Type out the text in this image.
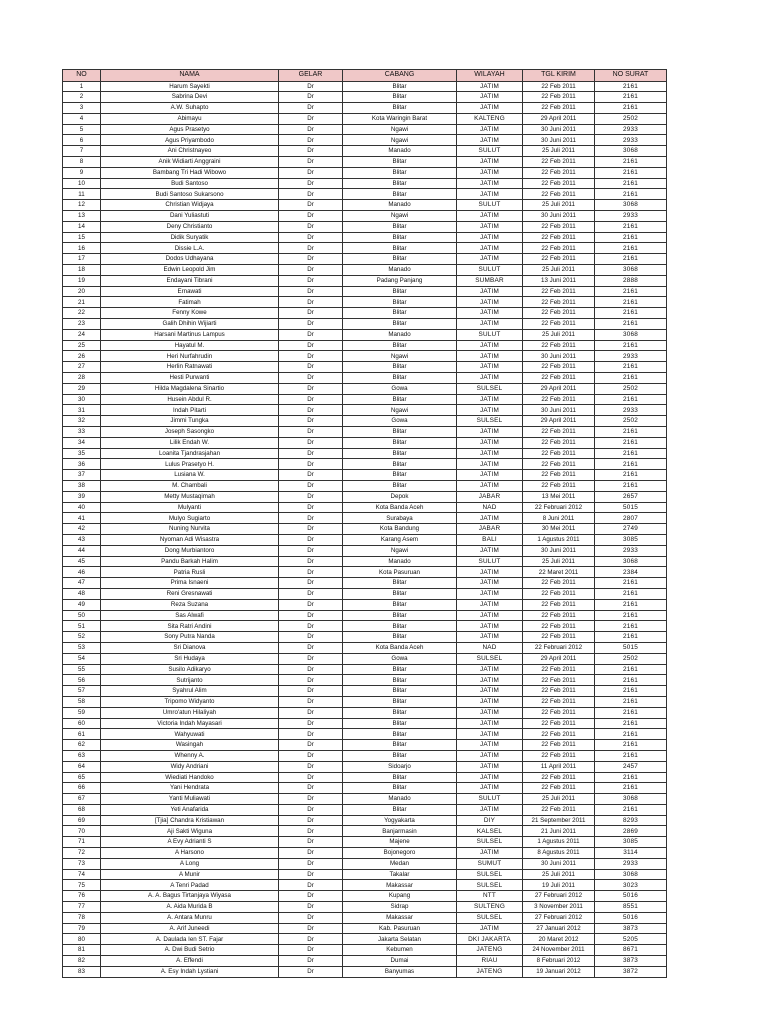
NO	NAMA	GELAR	CABANG	WILAYAH	TGL KIRIM	NO SURAT
1	Harum Sayekti	Dr	Blitar	JATIM	22 Feb 2011	2161
2	Sabrina Devi	Dr	Blitar	JATIM	22 Feb 2011	2161
3	A.W. Suhapto	Dr	Blitar	JATIM	22 Feb 2011	2161
4	Abimayu	Dr	Kota Waringin Barat	KALTENG	29 April 2011	2502
5	Agus Prasetyo	Dr	Ngawi	JATIM	30 Juni 2011	2933
6	Agus Priyambodo	Dr	Ngawi	JATIM	30 Juni 2011	2933
7	Ani Christnayeo	Dr	Manado	SULUT	25 Juli 2011	3068
8	Anik Widiarti Anggraini	Dr	Blitar	JATIM	22 Feb 2011	2161
9	Bambang Tri Hadi Wibowo	Dr	Blitar	JATIM	22 Feb 2011	2161
10	Budi Santoso	Dr	Blitar	JATIM	22 Feb 2011	2161
11	Budi Santoso Sukarsono	Dr	Blitar	JATIM	22 Feb 2011	2161
12	Christian Widjaya	Dr	Manado	SULUT	25 Juli 2011	3068
13	Dani Yuliastuti	Dr	Ngawi	JATIM	30 Juni 2011	2933
14	Deny Christianto	Dr	Blitar	JATIM	22 Feb 2011	2161
15	Didik Suryatik	Dr	Blitar	JATIM	22 Feb 2011	2161
16	Dissie L.A.	Dr	Blitar	JATIM	22 Feb 2011	2161
17	Dodos Udhayana	Dr	Blitar	JATIM	22 Feb 2011	2161
18	Edwin Leopold Jim	Dr	Manado	SULUT	25 Juli 2011	3068
19	Endayani Tibrani	Dr	Padang Panjang	SUMBAR	13 Juni 2011	2888
20	Ernawati	Dr	Blitar	JATIM	22 Feb 2011	2161
21	Fatimah	Dr	Blitar	JATIM	22 Feb 2011	2161
22	Fenny Kowe	Dr	Blitar	JATIM	22 Feb 2011	2161
23	Galih Dhihin Wijiarti	Dr	Blitar	JATIM	22 Feb 2011	2161
24	Harsani Martinus Lampus	Dr	Manado	SULUT	25 Juli 2011	3068
25	Hayatul M.	Dr	Blitar	JATIM	22 Feb 2011	2161
26	Heri Nurfahrudin	Dr	Ngawi	JATIM	30 Juni 2011	2933
27	Herlin Ratnawati	Dr	Blitar	JATIM	22 Feb 2011	2161
28	Hesti Purwanti	Dr	Blitar	JATIM	22 Feb 2011	2161
29	Hilda Magdalena Sinartio	Dr	Gowa	SULSEL	29 April 2011	2502
30	Husein Abdul R.	Dr	Blitar	JATIM	22 Feb 2011	2161
31	Indah Pitarti	Dr	Ngawi	JATIM	30 Juni 2011	2933
32	Jimmi Tungka	Dr	Gowa	SULSEL	29 April 2011	2502
33	Joseph Sasongko	Dr	Blitar	JATIM	22 Feb 2011	2161
34	Lilik Endah W.	Dr	Blitar	JATIM	22 Feb 2011	2161
35	Loanita Tjandrasjahan	Dr	Blitar	JATIM	22 Feb 2011	2161
36	Lulus Prasetyo H.	Dr	Blitar	JATIM	22 Feb 2011	2161
37	Lusiana W.	Dr	Blitar	JATIM	22 Feb 2011	2161
38	M. Chambali	Dr	Blitar	JATIM	22 Feb 2011	2161
39	Metty Mustaqimah	Dr	Depok	JABAR	13 Mei 2011	2657
40	Mulyanti	Dr	Kota Banda Aceh	NAD	22 Februari 2012	5015
41	Mulyo Sugiarto	Dr	Surabaya	JATIM	8 Juni 2011	2807
42	Nuning Nurvita	Dr	Kota Bandung	JABAR	30 Mei 2011	2749
43	Nyoman Adi Wisastra	Dr	Karang Asem	BALI	1 Agustus 2011	3085
44	Dong Murbiantoro	Dr	Ngawi	JATIM	30 Juni 2011	2933
45	Pandu Barkah Halim	Dr	Manado	SULUT	25 Juli 2011	3068
46	Patria Rusli	Dr	Kota Pasuruan	JATIM	22 Maret 2011	2384
47	Prima Isnaeni	Dr	Blitar	JATIM	22 Feb 2011	2161
48	Reni Gresnawati	Dr	Blitar	JATIM	22 Feb 2011	2161
49	Reza Suzana	Dr	Blitar	JATIM	22 Feb 2011	2161
50	Sas Alwafi	Dr	Blitar	JATIM	22 Feb 2011	2161
51	Sita Ratri Andini	Dr	Blitar	JATIM	22 Feb 2011	2161
52	Sony Putra Nanda	Dr	Blitar	JATIM	22 Feb 2011	2161
53	Sri Dianova	Dr	Kota Banda Aceh	NAD	22 Februari 2012	5015
54	Sri Hudaya	Dr	Gowa	SULSEL	29 April 2011	2502
55	Susilo Adikaryo	Dr	Blitar	JATIM	22 Feb 2011	2161
56	Sutrijanto	Dr	Blitar	JATIM	22 Feb 2011	2161
57	Syahrul Alim	Dr	Blitar	JATIM	22 Feb 2011	2161
58	Tripomo Widyanto	Dr	Blitar	JATIM	22 Feb 2011	2161
59	Umro'atun Hilaliyah	Dr	Blitar	JATIM	22 Feb 2011	2161
60	Victoria Indah Mayasari	Dr	Blitar	JATIM	22 Feb 2011	2161
61	Wahyuwati	Dr	Blitar	JATIM	22 Feb 2011	2161
62	Wasingah	Dr	Blitar	JATIM	22 Feb 2011	2161
63	Whenny A.	Dr	Blitar	JATIM	22 Feb 2011	2161
64	Widy Andriani	Dr	Sidoarjo	JATIM	11 April 2011	2457
65	Wiediati Handoko	Dr	Blitar	JATIM	22 Feb 2011	2161
66	Yani Hendrata	Dr	Blitar	JATIM	22 Feb 2011	2161
67	Yanti Muliawati	Dr	Manado	SULUT	25 Juli 2011	3068
68	Yeti Anafarida	Dr	Blitar	JATIM	22 Feb 2011	2161
69	[Tjia] Chandra Kristiawan	Dr	Yogyakarta	DIY	21 September 2011	8293
70	Aji Sakti Wiguna	Dr	Banjarmasin	KALSEL	21 Juni 2011	2869
71	A Evy Adrianti S	Dr	Majene	SULSEL	1 Agustus 2011	3085
72	A Harsono	Dr	Bojonegoro	JATIM	8 Agustus 2011	3114
73	A Long	Dr	Medan	SUMUT	30 Juni 2011	2933
74	A Munir	Dr	Takalar	SULSEL	25 Juli 2011	3068
75	A Tenri Padad	Dr	Makassar	SULSEL	19 Juli 2011	3023
76	A. A. Bagus Tirtanjaya Wiyasa	Dr	Kupang	NTT	27 Februari 2012	5016
77	A. Aida Murida B	Dr	Sidrap	SULTENG	3 November 2011	8551
78	A. Antara Munru	Dr	Makassar	SULSEL	27 Februari 2012	5016
79	A. Arif Juneedi	Dr	Kab. Pasuruan	JATIM	27 Januari 2012	3873
80	A. Daulada Ien ST. Fajar	Dr	Jakarta Selatan	DKI JAKARTA	20 Maret 2012	5205
81	A. Dwi Budi Setrio	Dr	Kebumen	JATENG	24 November 2011	8671
82	A. Effendi	Dr	Dumai	RIAU	8 Februari 2012	3873
83	A. Esy Indah Lystiani	Dr	Banyumas	JATENG	19 Januari 2012	3872
